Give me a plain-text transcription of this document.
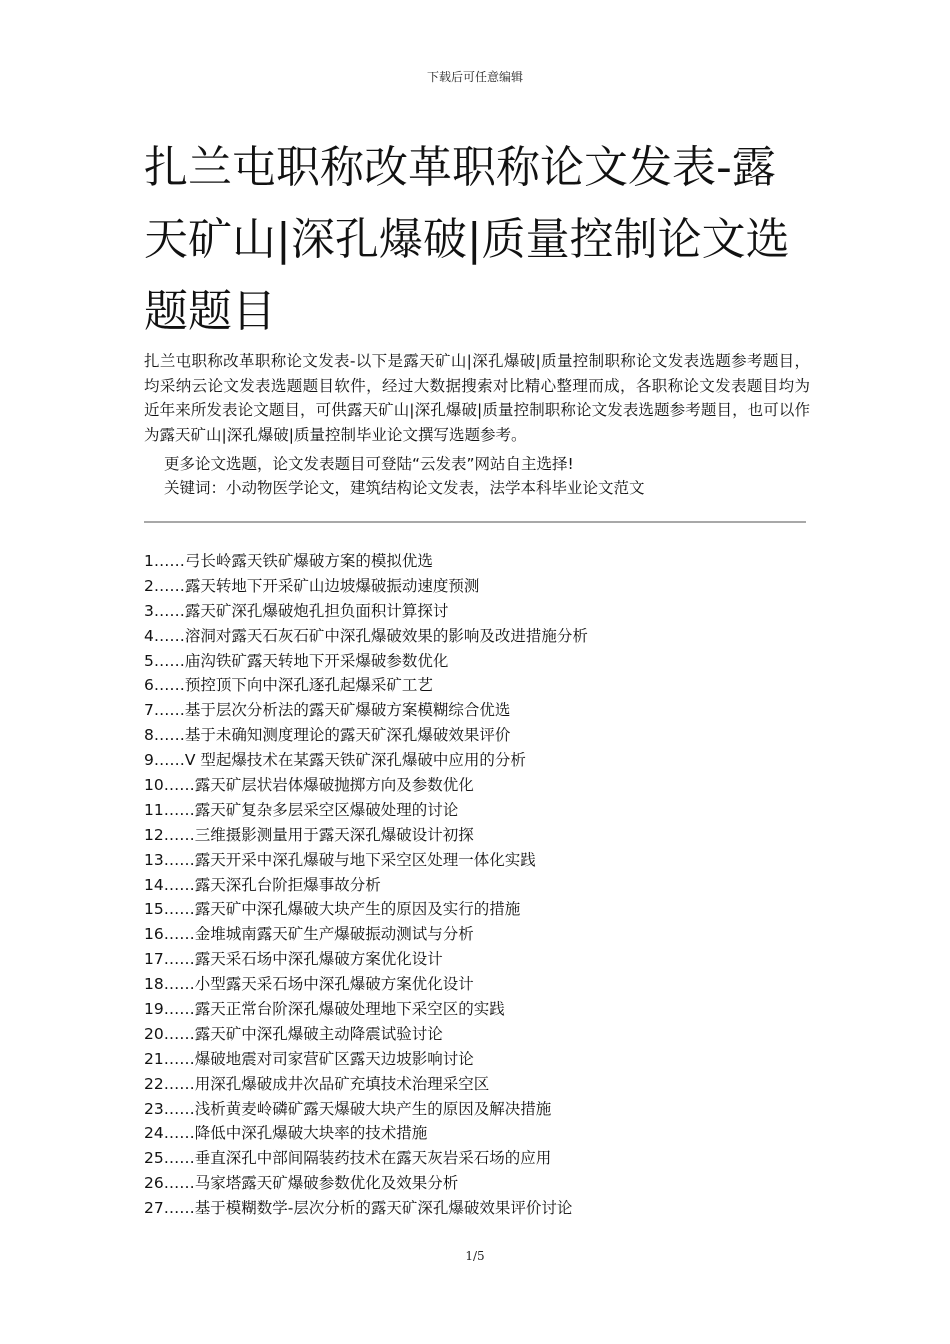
下载后可任意编辑
扎兰屯职称改革职称论文发表-露天矿山|深孔爆破|质量控制论文选题题目

扎兰屯职称改革职称论文发表-以下是露天矿山|深孔爆破|质量控制职称论文发表选题参考题目，均采纳云论文发表选题题目软件，经过大数据搜索对比精心整理而成，各职称论文发表题目均为近年来所发表论文题目，可供露天矿山|深孔爆破|质量控制职称论文发表选题参考题目，也可以作为露天矿山|深孔爆破|质量控制毕业论文撰写选题参考。

更多论文选题，论文发表题目可登陆“云发表”网站自主选择!
关键词：小动物医学论文，建筑结构论文发表，法学本科毕业论文范文
1……弓长岭露天铁矿爆破方案的模拟优选
2……露天转地下开采矿山边坡爆破振动速度预测
3……露天矿深孔爆破炮孔担负面积计算探讨
4……溶洞对露天石灰石矿中深孔爆破效果的影响及改进措施分析
5……庙沟铁矿露天转地下开采爆破参数优化
6……预控顶下向中深孔逐孔起爆采矿工艺
7……基于层次分析法的露天矿爆破方案模糊综合优选
8……基于未确知测度理论的露天矿深孔爆破效果评价
9……V 型起爆技术在某露天铁矿深孔爆破中应用的分析
10……露天矿层状岩体爆破抛掷方向及参数优化
11……露天矿复杂多层采空区爆破处理的讨论
12……三维摄影测量用于露天深孔爆破设计初探
13……露天开采中深孔爆破与地下采空区处理一体化实践
14……露天深孔台阶拒爆事故分析
15……露天矿中深孔爆破大块产生的原因及实行的措施
16……金堆城南露天矿生产爆破振动测试与分析
17……露天采石场中深孔爆破方案优化设计
18……小型露天采石场中深孔爆破方案优化设计
19……露天正常台阶深孔爆破处理地下采空区的实践
20……露天矿中深孔爆破主动降震试验讨论
21……爆破地震对司家营矿区露天边坡影响讨论
22……用深孔爆破成井次品矿充填技术治理采空区
23……浅析黄麦岭磷矿露天爆破大块产生的原因及解决措施
24……降低中深孔爆破大块率的技术措施
25……垂直深孔中部间隔装药技术在露天灰岩采石场的应用
26……马家塔露天矿爆破参数优化及效果分析
27……基于模糊数学-层次分析的露天矿深孔爆破效果评价讨论
1/5
